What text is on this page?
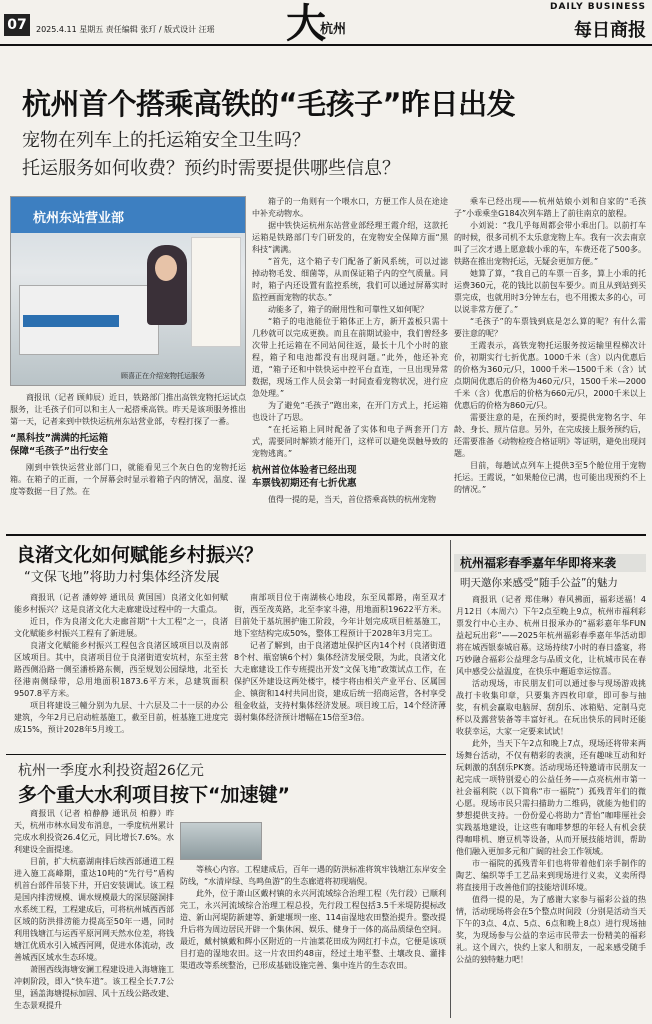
07	2025.4.11 星期五 责任编辑 张玎 / 版式设计 汪瑶 大
杭州
DAILY BUSINESS
每日商报
杭州首个搭乘高铁的“毛孩子”昨日出发
宠物在列车上的托运箱安全卫生吗？
托运服务如何收费？预约时需要提供哪些信息？
杭州东站营业部
顾喜正在介绍宠物托运服务

商报讯（记者 顾帅辰）近日，铁路部门推出高铁宠物托运试点服务，让毛孩子们可以和主人一起搭乘高铁。昨天是该项服务推出第一天，记者来到中铁快运杭州东站营业部，专程打探了一番。

“黑科技”满满的托运箱
保障“毛孩子”出行安全

刚到中铁快运营业部门口，就能看见三个灰白色的宠物托运箱。在箱子的正面，一个屏幕会时显示着箱子内的情况，温度、湿度等数据一目了然。在

箱子的一角则有一个喂水口，方便工作人员在途途中补充动物水。

据中铁快运杭州东站营业部经理王霞介绍，这款托运箱是铁路部门专门研发的，在宠物安全保障方面“黑科技”满满。

“首先，这个箱子专门配备了新风系统，可以过滤掉动物毛发、细菌等，从而保证箱子内的空气质量。同时，箱子内还设置有监控系统，我们可以通过屏幕实时监控画面宠物的状态。”

动能多了，箱子的耐用性和可靠性又如何呢？

“箱子的电池能位于箱体正上方，新开盖板只需十几秒就可以完成更换。而且在前期试验中，我们曾经多次带上托运箱在不同站间往返，最长十几个小时的旅程，箱子和电池都没有出现问题。”此外，他还补充道，“箱子还和中铁快运中控平台直连，一旦出现异常数据，现场工作人员会第一时间查看宠物状况，进行应急处理。”

为了避免“毛孩子”跑出来，在开门方式上，托运箱也设计了巧思。

“在托运箱上同时配备了实体和电子两套开门方式，需要同时解锁才能开门，这样可以避免误触导致的宠物逃离。”

杭州首位体验者已经出现
车票钱初期还有七折优惠

值得一提的是，当天，首位搭乘高铁的杭州宠物

乘车已经出现——杭州姑娘小刘和自家的“毛孩子”小乖乘坐G184次列车踏上了前往南京的旅程。

小刘说：“我几乎每周都会带小乖出门。以前打车的时候，很多司机不太乐意宠物上车。我有一次去南京叫了三次才遇上愿意载小乖的车，车费还花了500多。铁路在推出宠物托运，无疑会更加方便。”

她算了算，“我自己的车票一百多，算上小乖的托运费360元，花的钱比以前包车要少。而且从到站到买票完成，也就用时3分钟左右，也不用搬太多的心，可以说非常方便了。”

“毛孩子”的车票钱到底是怎么算的呢？有什么需要注意的呢？

王霞表示，高铁宠物托运服务按运输里程梯次计价，初期实行七折优惠。1000千米（含）以内优惠后的价格为360元/只，1000千米—1500千米（含）试点期间优惠后的价格为460元/只，1500千米—2000千米（含）优惠后的价格为660元/只，2000千米以上优惠后的价格为860元/只。

需要注意的是，在预约时，要提供宠物名字、年龄、身长、照片信息。另外，在完成接上服务预约后，还需要准备《动物检疫合格证明》等证明，避免出现问题。

目前，每趟试点列车上提供3至5个舱位用于宠物托运。王霞说，“如果舱位已满，也可能出现预约不上的情况。”

良渚文化如何赋能乡村振兴？
“文保飞地”将助力村集体经济发展

商报讯（记者 潘婷婷 通讯员 黄国国）良渚文化如何赋能乡村振兴？这是良渚文化大走廊建设过程中的一大重点。

近日，作为良渚文化大走廊首期“十大工程”之一，良渚文化赋能乡村振兴工程有了新进展。

良渚文化赋能乡村振兴工程包含良渚区域项目以及南部区域项目。其中，良渚项目位于良渚街道安坑村，东至主营路西侧沿路一侧至潘桥路东侧，西至规划公园绿地，北至长径港南侧绿带，总用地面积1873.6平方米，总建筑面积9507.8平方米。

项目将建设三幢分别为九层、十六层及二十一层的办公建筑，今年2月已启动桩基施工，截至目前，桩基施工进度完成15%，预计2028年5月竣工。

南部项目位于南湖核心地段，东至凤都路，南至双才街，西至茂英路，北至李家斗港，用地面积19622平方米。目前处于基坑围护施工阶段，今年计划完成项目桩基施工，地下室结构完成50%，整体工程预计于2028年3月完工。

记者了解到，由于良渚遗址保护区内14个村（良渚街道8个村、瓶窑镇6个村）集体经济发展受限，为此，良渚文化大走廊建设工作专班提出开发“文保飞地”政策试点工作，在保护区外建设这两处楼宇，楼宇将由相关产业平台、区属国企、镇街和14村共同出资，建成后统一招商运营，各村享受租金收益，支持村集体经济发展。项目竣工后，14个经济薄弱村集体经济预计增幅在15倍至3倍。

杭州福彩春季嘉年华即将来袭
明天邀你来感受“随手公益”的魅力

商报讯（记者 郑佳琳）春风拂面，福彩送福！4月12日（本周六）下午2点至晚上9点，杭州市福利彩票发行中心主办、杭州日报承办的“福彩嘉年华FUN 益起玩出彩”——2025年杭州福彩春季嘉年华活动即将在城西银泰城启幕。这场持续7小时的春日盛宴，将巧妙融合福彩公益理念与品质文化，让杭城市民在春风中感受公益温度，在快乐中邂逅幸运惊喜。

活动现场，市民朋友们可以通过参与现场游戏挑战打卡收集印章，只要集齐四枚印章，即可参与抽奖，有机会赢取电脑屏、刮刮乐、冰箱贴、定制马克杯以及露营装备等丰富好礼。在玩出快乐的同时还能收获幸运，大家一定要来试试！

此外，当天下午2点和晚上7点，现场还将带来两场舞台活动，不仅有精彩的表演，还有趣味互动和好玩刺激的刮刮乐PK赛。活动现场还特邀请市民朋友一起完成一项特别爱心的公益任务——点亮杭州市第一社会福利院（以下简称“市一福院”）孤残青年们的微心愿。现场市民只需扫描助力二维码，就能为他们的梦想提供支持。一份份爱心将助力“青怡”咖啡厘社会实践基地建设，让这些有咖啡梦想的年轻人有机会获得咖啡机、磨豆机等设备，从而开展技能培训，帮助他们融入更加多元和广阔的社会工作领域。

市一福院的孤残青年们也将带着他们亲手制作的陶艺、编织等手工艺品来到现场进行义卖，义卖所得将直接用于改善他们的技能培训环境。

值得一提的是，为了感谢大家参与福彩公益的热情，活动现场将会在5个整点时间段（分别是活动当天下午的3点、4点、5点、6点和晚上8点）进行现场抽奖，为现场参与公益的幸运市民带去一份精美的福彩礼。这个周六，快约上家人和朋友，一起来感受随手公益的独特魅力吧！

杭州一季度水利投资超26亿元
多个重大水利项目按下“加速键”

商报讯（记者 柏静静 通讯员 柏静）昨天，杭州市林水局发布消息，一季度杭州累计完成水利投资26.4亿元，同比增长7.6%。水利建设全面提速。

目前，扩大杭嘉湖南排后续西部通道工程进入施工高峰期，重达10吨的“先行号”盾构机首台部件吊装下井，开启安装调试。该工程是国内排涝规模、调水规模最大的深层隧洞排水系统工程，工程建成后，可将杭州城西西部区域的防洪排涝能力提高至50年一遇，同时利用钱塘江与运西平原河网天然水位差，将钱塘江优质水引入城西河网，促进水体流动，改善城西区域水生态环境。

萧围西线海塘安澜工程建设进入海塘施工冲刺阶段，即入“快车道”。该工程全长7.7公里，涵盖海塘提标加固、风十五线公路改建、生态景观提升

等核心内容。工程建成后，百年一遇的防洪标准将筑牢钱塘江东岸安全防线，“水清岸绿、鸟鸣鱼游”的生态廊道将初现端倪。

此外，位于萧山区戴村镇的永兴河流域综合治理工程（先行段）已顺利完工，永兴河流域综合治理工程总投，先行段工程包括3.5千米堤防提标改造、新山河堤防新建等、新建堰坝一座、114亩湿地农田整治提升。整改提升后将为周边居民开辟一个集休闲、娱乐、健身于一体的高品质绿色空间。最近，戴村镇戴和辉小区附近的一片油菜花田成为网红打卡点，它便是该项目打造的湿地农田。这一片农田约48亩，经过土地平整、土壤改良、灌排渠道改等系统整治，已形成基础设施完善、集中连片的生态农田。
